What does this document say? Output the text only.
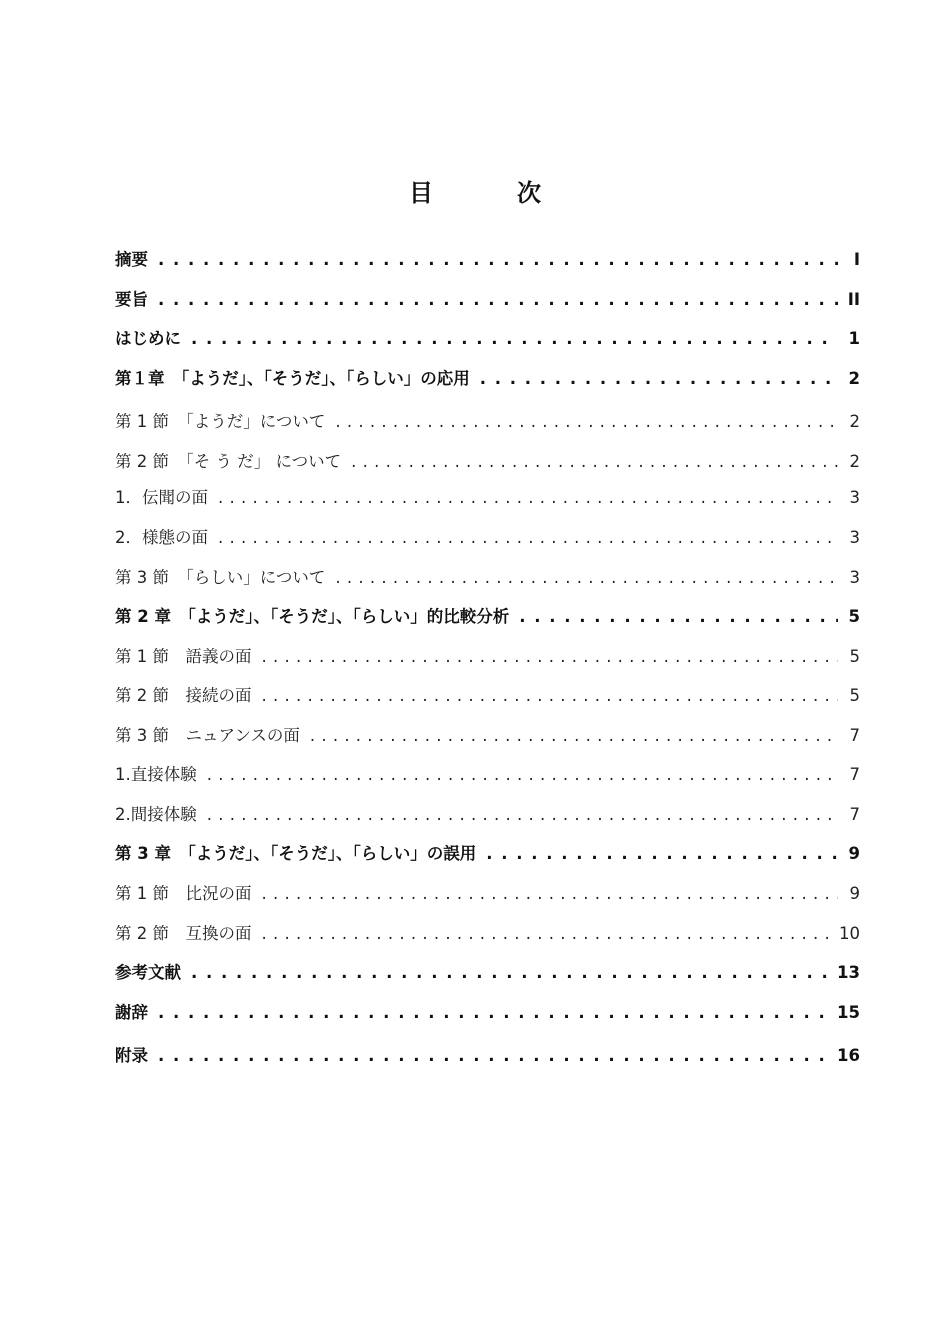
目　次
摘要 . . .	I
要旨 . . .	II
はじめに . . .	1
第１章　「ようだ」、「そうだ」、「らしい」の応用 . . .	2
第 1 節　「ようだ」について . . .	2
第 2 節　「そ う だ」 について . . .	2
1．伝聞の面 . . .	3
2．様態の面 . . .	3
第 3 節　「らしい」について . . .	3
第 2 章　「ようだ」、「そうだ」、「らしい」的比較分析 . . .	5
第 1 節　語義の面 . . .	5
第 2 節　接続の面 . . .	5
第 3 節　ニュアンスの面 . . .	7
1.直接体験 . . .	7
2.間接体験 . . .	7
第 3 章　「ようだ」、「そうだ」、「らしい」の誤用 . . .	9
第 1 節　比況の面 . . .	9
第 2 節　互換の面 . . .	10
参考文献 . . .	13
謝辞 . . .	15
附录 . . .	16
